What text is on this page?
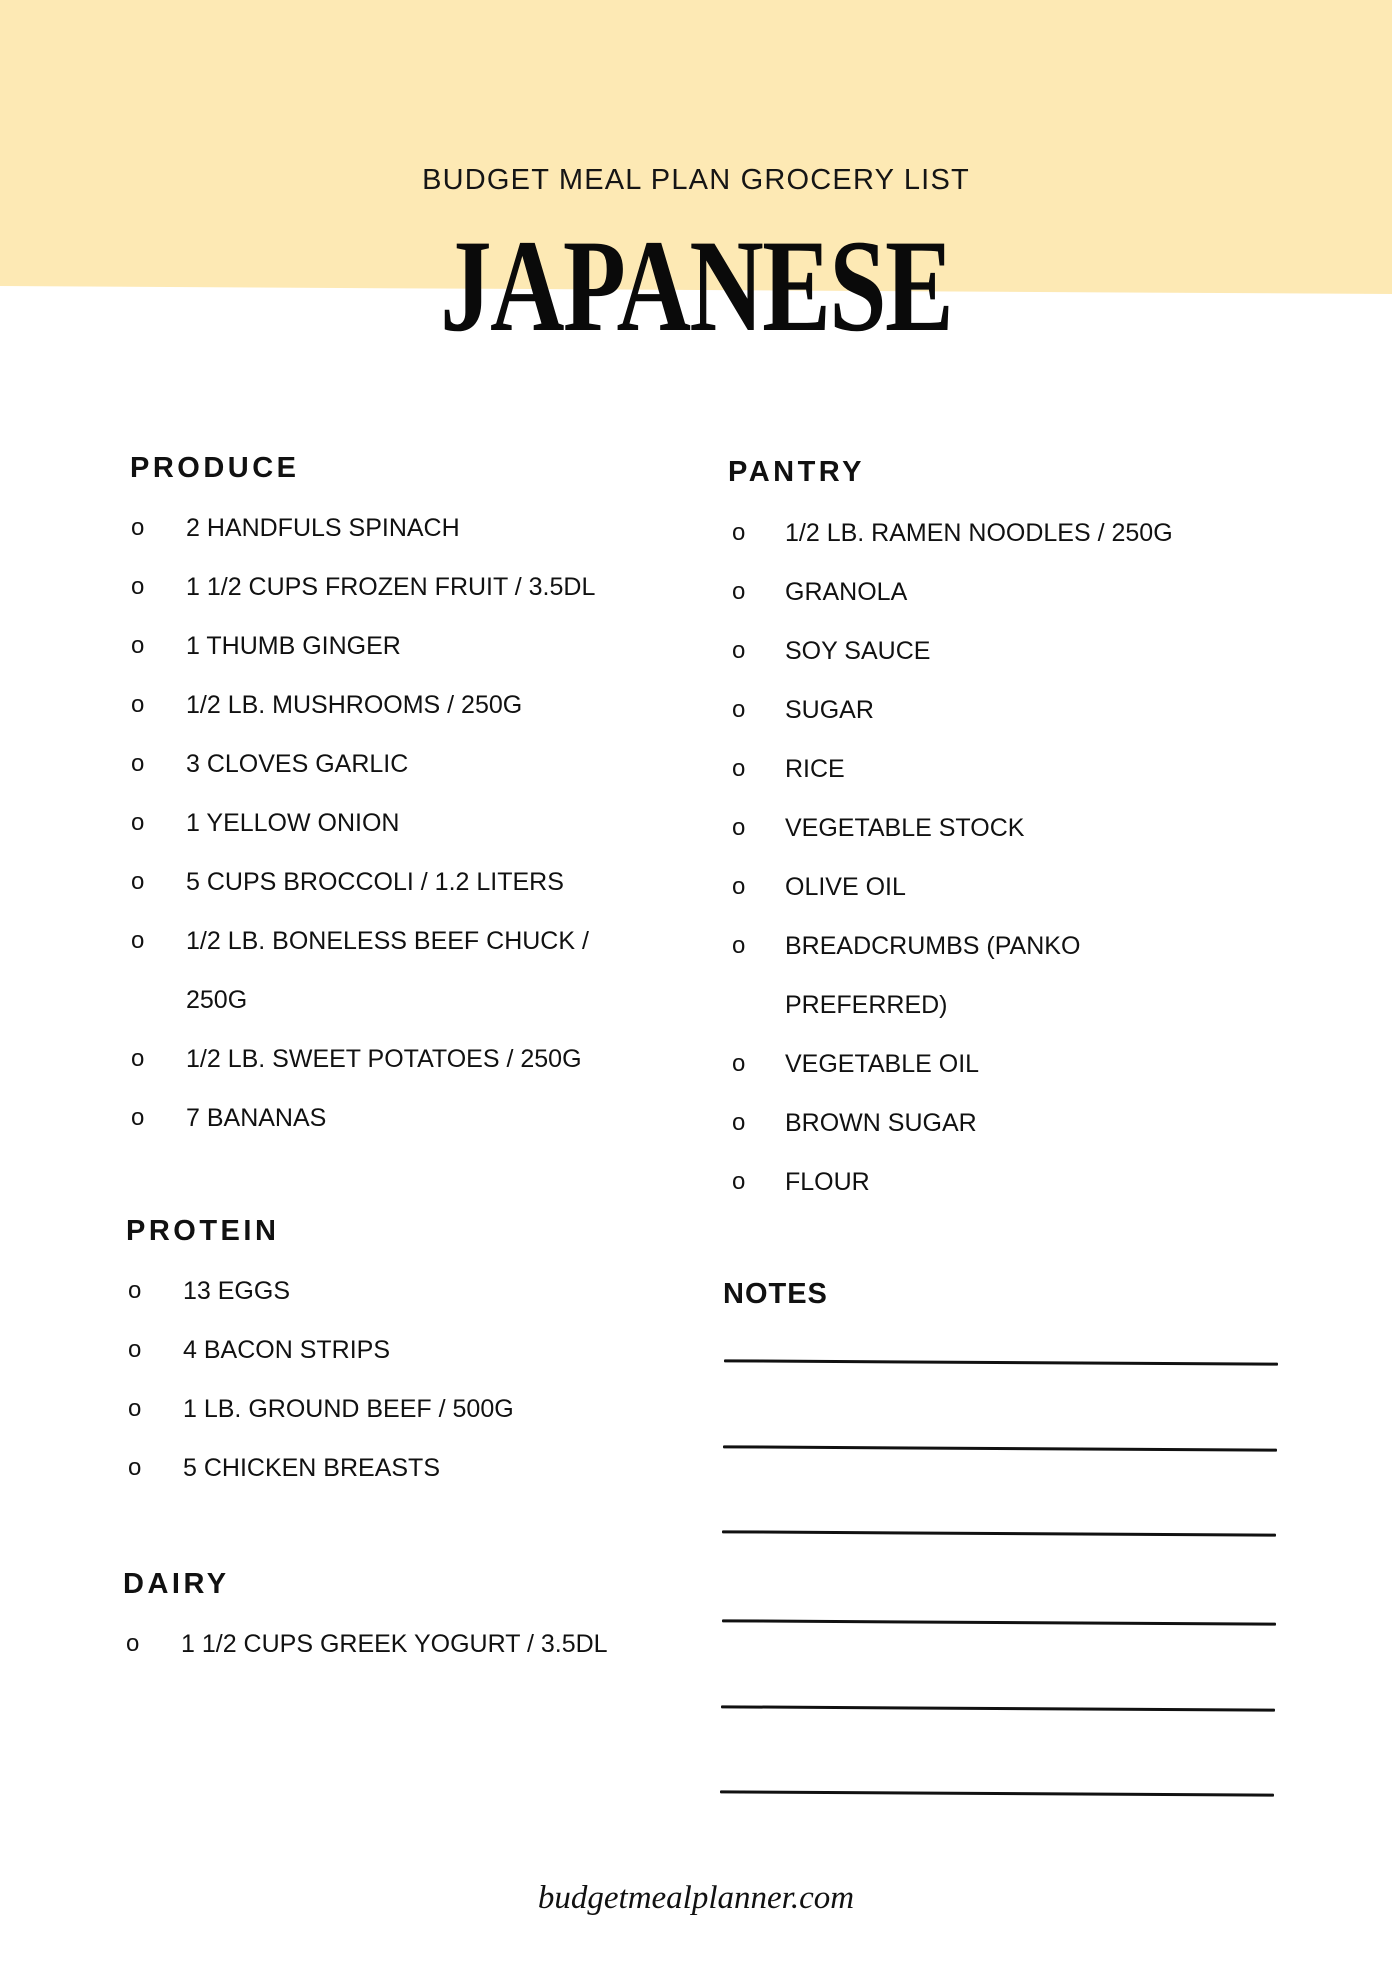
BUDGET MEAL PLAN GROCERY LIST
JAPANESE
PRODUCE
o 2 HANDFULS SPINACH
o 1 1/2 CUPS FROZEN FRUIT / 3.5DL
o 1 THUMB GINGER
o 1/2 LB. MUSHROOMS / 250G
o 3 CLOVES GARLIC
o 1 YELLOW ONION
o 5 CUPS BROCCOLI / 1.2 LITERS
o 1/2 LB. BONELESS BEEF CHUCK /
250G
o 1/2 LB. SWEET POTATOES / 250G
o 7 BANANAS
PROTEIN
o 13 EGGS
o 4 BACON STRIPS
o 1 LB. GROUND BEEF / 500G
o 5 CHICKEN BREASTS
DAIRY
o 1 1/2 CUPS GREEK YOGURT / 3.5DL
PANTRY
o 1/2 LB. RAMEN NOODLES / 250G
o GRANOLA
o SOY SAUCE
o SUGAR
o RICE
o VEGETABLE STOCK
o OLIVE OIL
o BREADCRUMBS (PANKO
PREFERRED)
o VEGETABLE OIL
o BROWN SUGAR
o FLOUR
NOTES
budgetmealplanner.com
